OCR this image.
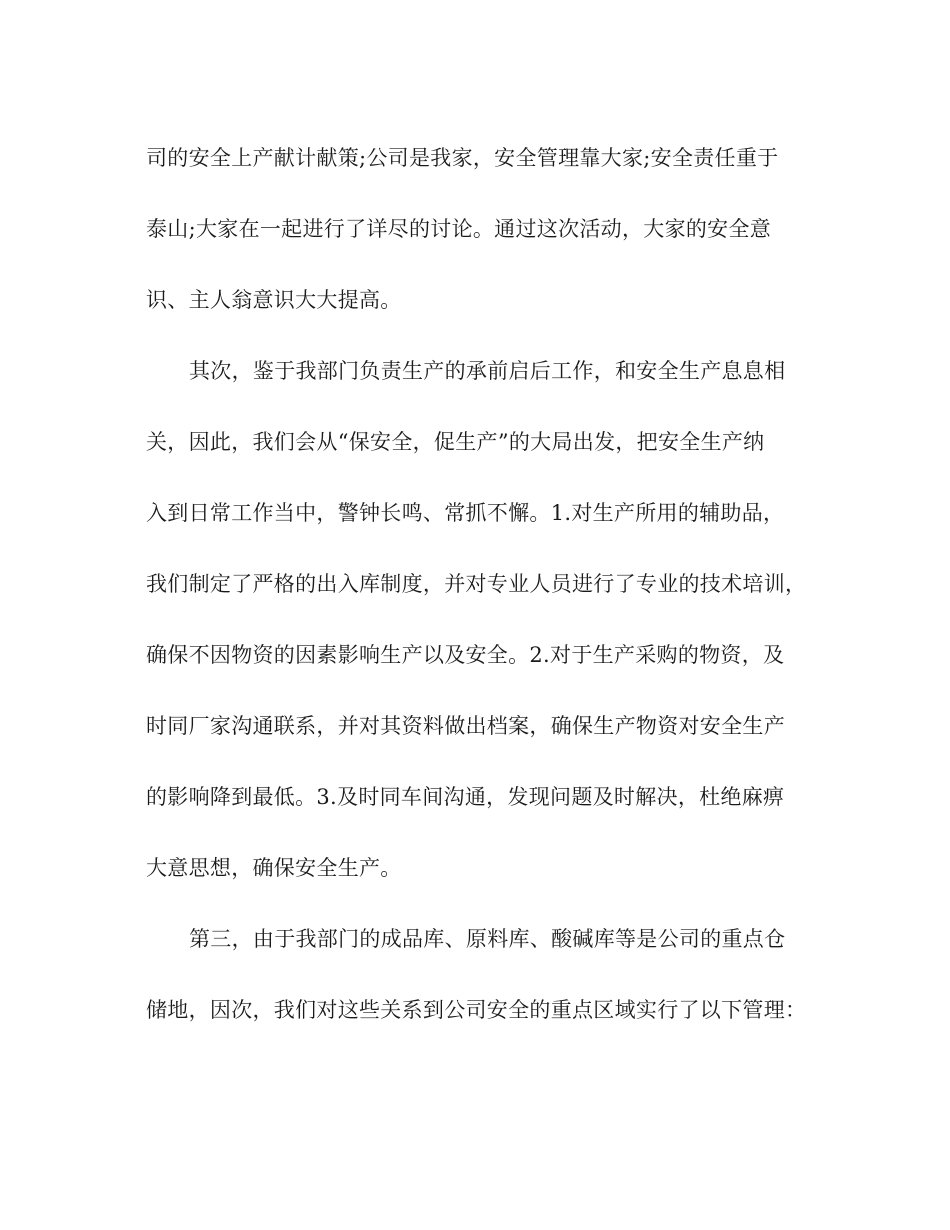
司的安全上产献计献策;公司是我家，安全管理靠大家;安全责任重于
泰山;大家在一起进行了详尽的讨论。通过这次活动，大家的安全意
识、主人翁意识大大提高。
其次，鉴于我部门负责生产的承前启后工作，和安全生产息息相
关，因此，我们会从“保安全，促生产”的大局出发，把安全生产纳
入到日常工作当中，警钟长鸣、常抓不懈。1.对生产所用的辅助品，
我们制定了严格的出入库制度，并对专业人员进行了专业的技术培训，
确保不因物资的因素影响生产以及安全。2.对于生产采购的物资，及
时同厂家沟通联系，并对其资料做出档案，确保生产物资对安全生产
的影响降到最低。3.及时同车间沟通，发现问题及时解决，杜绝麻痹
大意思想，确保安全生产。
第三，由于我部门的成品库、原料库、酸碱库等是公司的重点仓
储地，因次，我们对这些关系到公司安全的重点区域实行了以下管理：
